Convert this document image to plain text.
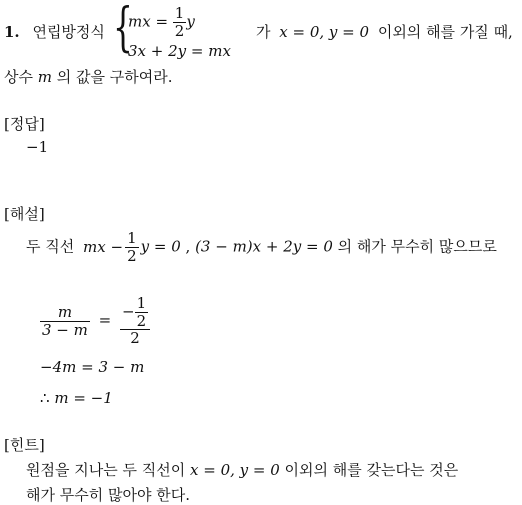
1. 연립방정식 {
mx = $\frac{1}{2}$ y
3x + 2y = mx
가 x = 0, y = 0 이외의 해를 가질 때,
상수 m 의 값을 구하여라.
[정답]
−1
[해설]
두 직선 mx − $\frac{1}{2}$ y = 0 , (3 − m)x + 2y = 0 의 해가 무수히 많으므로
$\frac{m}{3 - m} = \frac{- \frac{1}{2}}{2}$
−4m = 3 − m
∴ m = −1
[힌트]
원점을 지나는 두 직선이 x = 0, y = 0 이외의 해를 갖는다는 것은
해가 무수히 많아야 한다.
